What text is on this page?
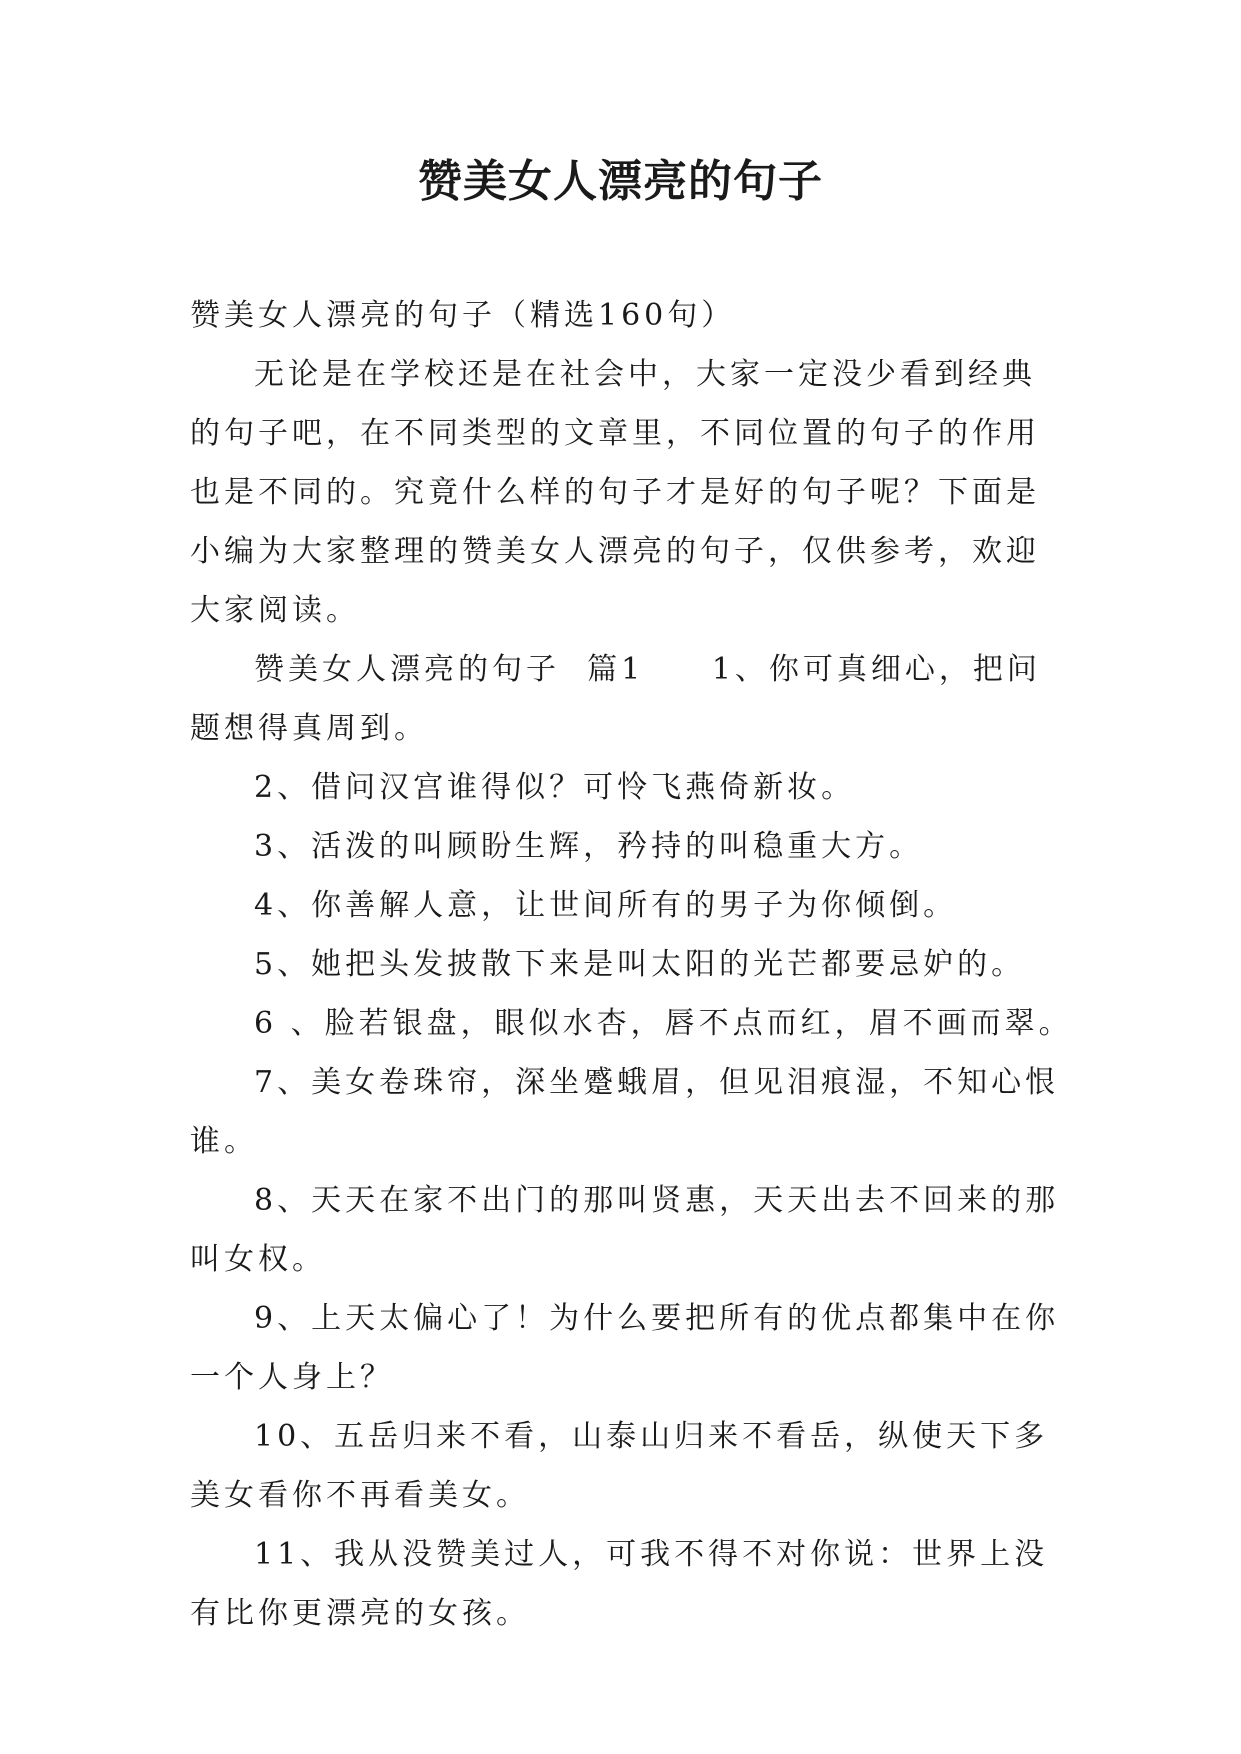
赞美女人漂亮的句子

赞美女人漂亮的句子（精选160句）

无论是在学校还是在社会中，大家一定没少看到经典的句子吧，在不同类型的文章里，不同位置的句子的作用也是不同的。究竟什么样的句子才是好的句子呢？下面是小编为大家整理的赞美女人漂亮的句子，仅供参考，欢迎大家阅读。

赞美女人漂亮的句子  篇1     1、你可真细心，把问题想得真周到。

2、借问汉宫谁得似？可怜飞燕倚新妆。

3、活泼的叫顾盼生辉，矜持的叫稳重大方。

4、你善解人意，让世间所有的男子为你倾倒。

5、她把头发披散下来是叫太阳的光芒都要忌妒的。

6 、脸若银盘，眼似水杏，唇不点而红，眉不画而翠。

7、美女卷珠帘，深坐蹙蛾眉，但见泪痕湿，不知心恨谁。

8、天天在家不出门的那叫贤惠，天天出去不回来的那叫女权。

9、上天太偏心了！为什么要把所有的优点都集中在你一个人身上？

10、五岳归来不看，山泰山归来不看岳，纵使天下多美女看你不再看美女。

11、我从没赞美过人，可我不得不对你说：世界上没有比你更漂亮的女孩。
